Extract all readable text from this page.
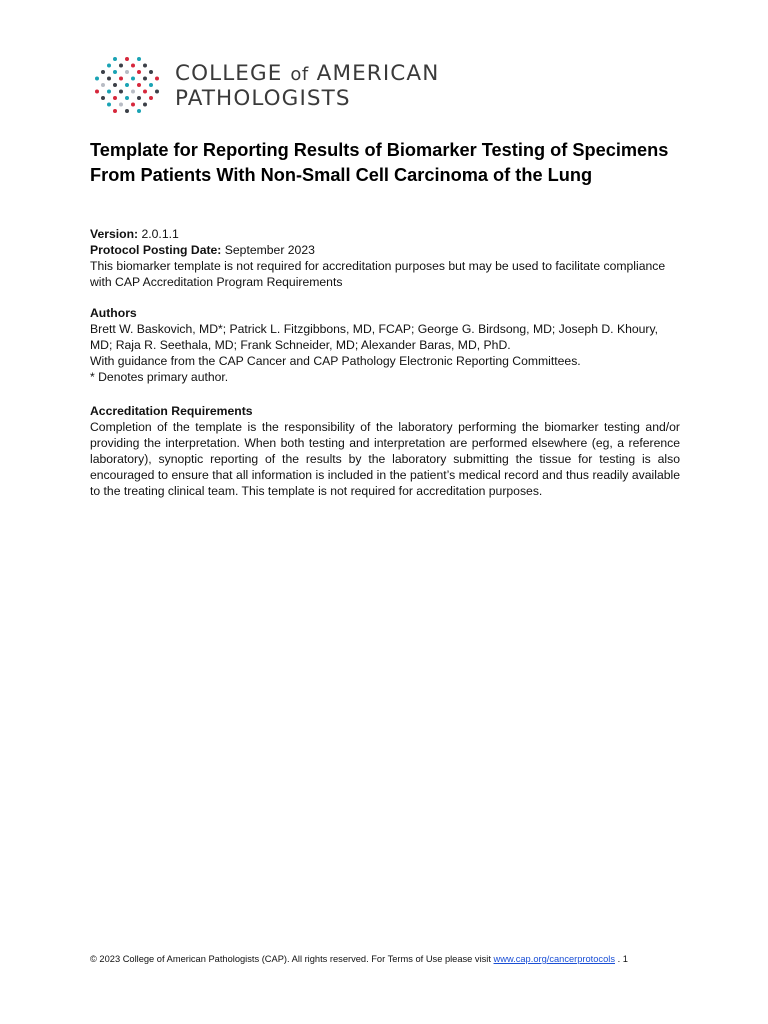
COLLEGE of AMERICAN
PATHOLOGISTS
Template for Reporting Results of Biomarker Testing of Specimens From Patients With Non-Small Cell Carcinoma of the Lung
Version: 2.0.1.1
Protocol Posting Date: September 2023
This biomarker template is not required for accreditation purposes but may be used to facilitate compliance with CAP Accreditation Program Requirements
Authors
Brett W. Baskovich, MD*; Patrick L. Fitzgibbons, MD, FCAP; George G. Birdsong, MD; Joseph D. Khoury, MD; Raja R. Seethala, MD; Frank Schneider, MD; Alexander Baras, MD, PhD.
With guidance from the CAP Cancer and CAP Pathology Electronic Reporting Committees.
* Denotes primary author.
Accreditation Requirements
Completion of the template is the responsibility of the laboratory performing the biomarker testing and/or providing the interpretation. When both testing and interpretation are performed elsewhere (eg, a reference laboratory), synoptic reporting of the results by the laboratory submitting the tissue for testing is also encouraged to ensure that all information is included in the patient’s medical record and thus readily available to the treating clinical team. This template is not required for accreditation purposes.
© 2023 College of American Pathologists (CAP). All rights reserved. For Terms of Use please visit www.cap.org/cancerprotocols . 1
